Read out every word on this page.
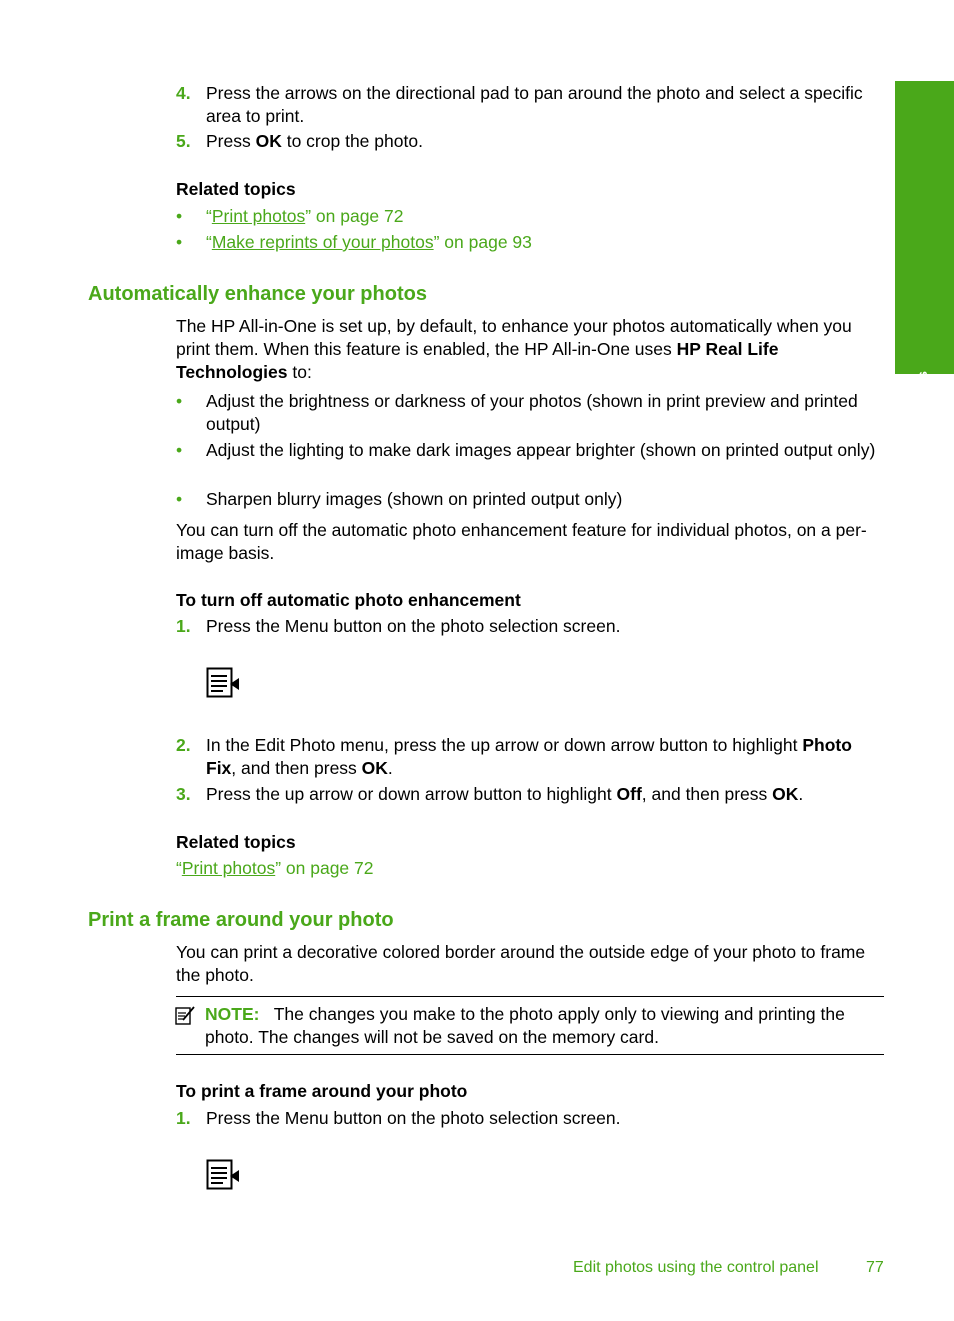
Photos
4. Press the arrows on the directional pad to pan around the photo and select a specific area to print.
5. Press OK to crop the photo.
Related topics
• “Print photos” on page 72
• “Make reprints of your photos” on page 93
Automatically enhance your photos
The HP All-in-One is set up, by default, to enhance your photos automatically when you print them. When this feature is enabled, the HP All-in-One uses HP Real Life Technologies to:
• Adjust the brightness or darkness of your photos (shown in print preview and printed output)
• Adjust the lighting to make dark images appear brighter (shown on printed output only)
• Sharpen blurry images (shown on printed output only)
You can turn off the automatic photo enhancement feature for individual photos, on a per-image basis.
To turn off automatic photo enhancement
1. Press the Menu button on the photo selection screen.
2. In the Edit Photo menu, press the up arrow or down arrow button to highlight Photo Fix, and then press OK.
3. Press the up arrow or down arrow button to highlight Off, and then press OK.
Related topics
“Print photos” on page 72
Print a frame around your photo
You can print a decorative colored border around the outside edge of your photo to frame the photo.
NOTE: The changes you make to the photo apply only to viewing and printing the photo. The changes will not be saved on the memory card.
To print a frame around your photo
1. Press the Menu button on the photo selection screen.
Edit photos using the control panel	77
